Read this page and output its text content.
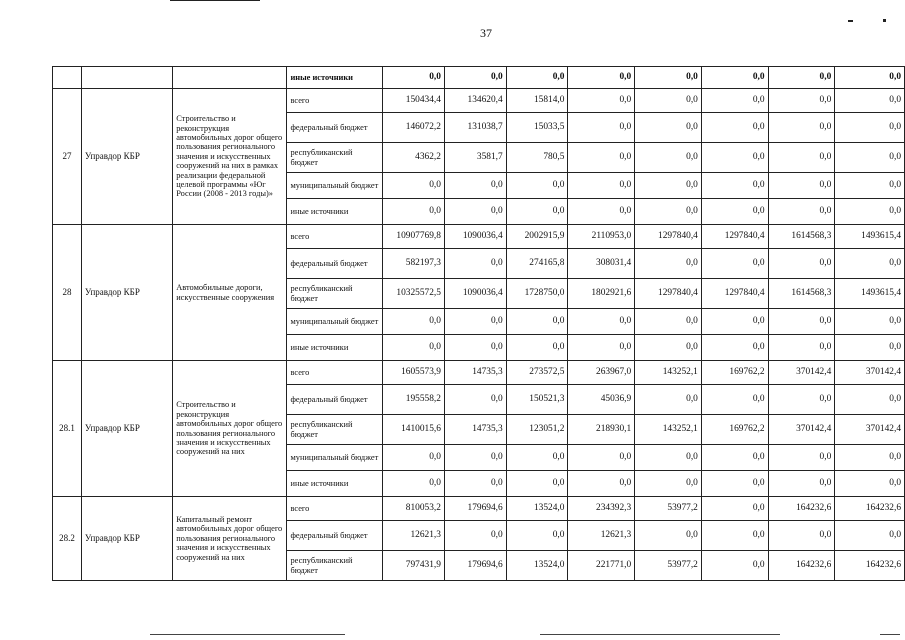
37
			иные источники	0,0	0,0	0,0	0,0	0,0	0,0	0,0	0,0
27	Управдор КБР	Строительство и реконструкция автомобильных дорог общего пользования регионального значения и искусственных сооружений на них в рамках реализации федеральной целевой программы «Юг России (2008 - 2013 годы)»	всего	150434,4	134620,4	15814,0	0,0	0,0	0,0	0,0	0,0
			федеральный бюджет	146072,2	131038,7	15033,5	0,0	0,0	0,0	0,0	0,0
			республиканский бюджет	4362,2	3581,7	780,5	0,0	0,0	0,0	0,0	0,0
			муниципальный бюджет	0,0	0,0	0,0	0,0	0,0	0,0	0,0	0,0
			иные источники	0,0	0,0	0,0	0,0	0,0	0,0	0,0	0,0
28	Управдор КБР	Автомобильные дороги, искусственные сооружения	всего	10907769,8	1090036,4	2002915,9	2110953,0	1297840,4	1297840,4	1614568,3	1493615,4
			федеральный бюджет	582197,3	0,0	274165,8	308031,4	0,0	0,0	0,0	0,0
			республиканский бюджет	10325572,5	1090036,4	1728750,0	1802921,6	1297840,4	1297840,4	1614568,3	1493615,4
			муниципальный бюджет	0,0	0,0	0,0	0,0	0,0	0,0	0,0	0,0
			иные источники	0,0	0,0	0,0	0,0	0,0	0,0	0,0	0,0
28.1	Управдор КБР	Строительство и реконструкция автомобильных дорог общего пользования регионального значения и искусственных сооружений на них	всего	1605573,9	14735,3	273572,5	263967,0	143252,1	169762,2	370142,4	370142,4
			федеральный бюджет	195558,2	0,0	150521,3	45036,9	0,0	0,0	0,0	0,0
			республиканский бюджет	1410015,6	14735,3	123051,2	218930,1	143252,1	169762,2	370142,4	370142,4
			муниципальный бюджет	0,0	0,0	0,0	0,0	0,0	0,0	0,0	0,0
			иные источники	0,0	0,0	0,0	0,0	0,0	0,0	0,0	0,0
28.2	Управдор КБР	Капитальный ремонт автомобильных дорог общего пользования регионального значения и искусственных сооружений на них	всего	810053,2	179694,6	13524,0	234392,3	53977,2	0,0	164232,6	164232,6
			федеральный бюджет	12621,3	0,0	0,0	12621,3	0,0	0,0	0,0	0,0
			республиканский бюджет	797431,9	179694,6	13524,0	221771,0	53977,2	0,0	164232,6	164232,6
